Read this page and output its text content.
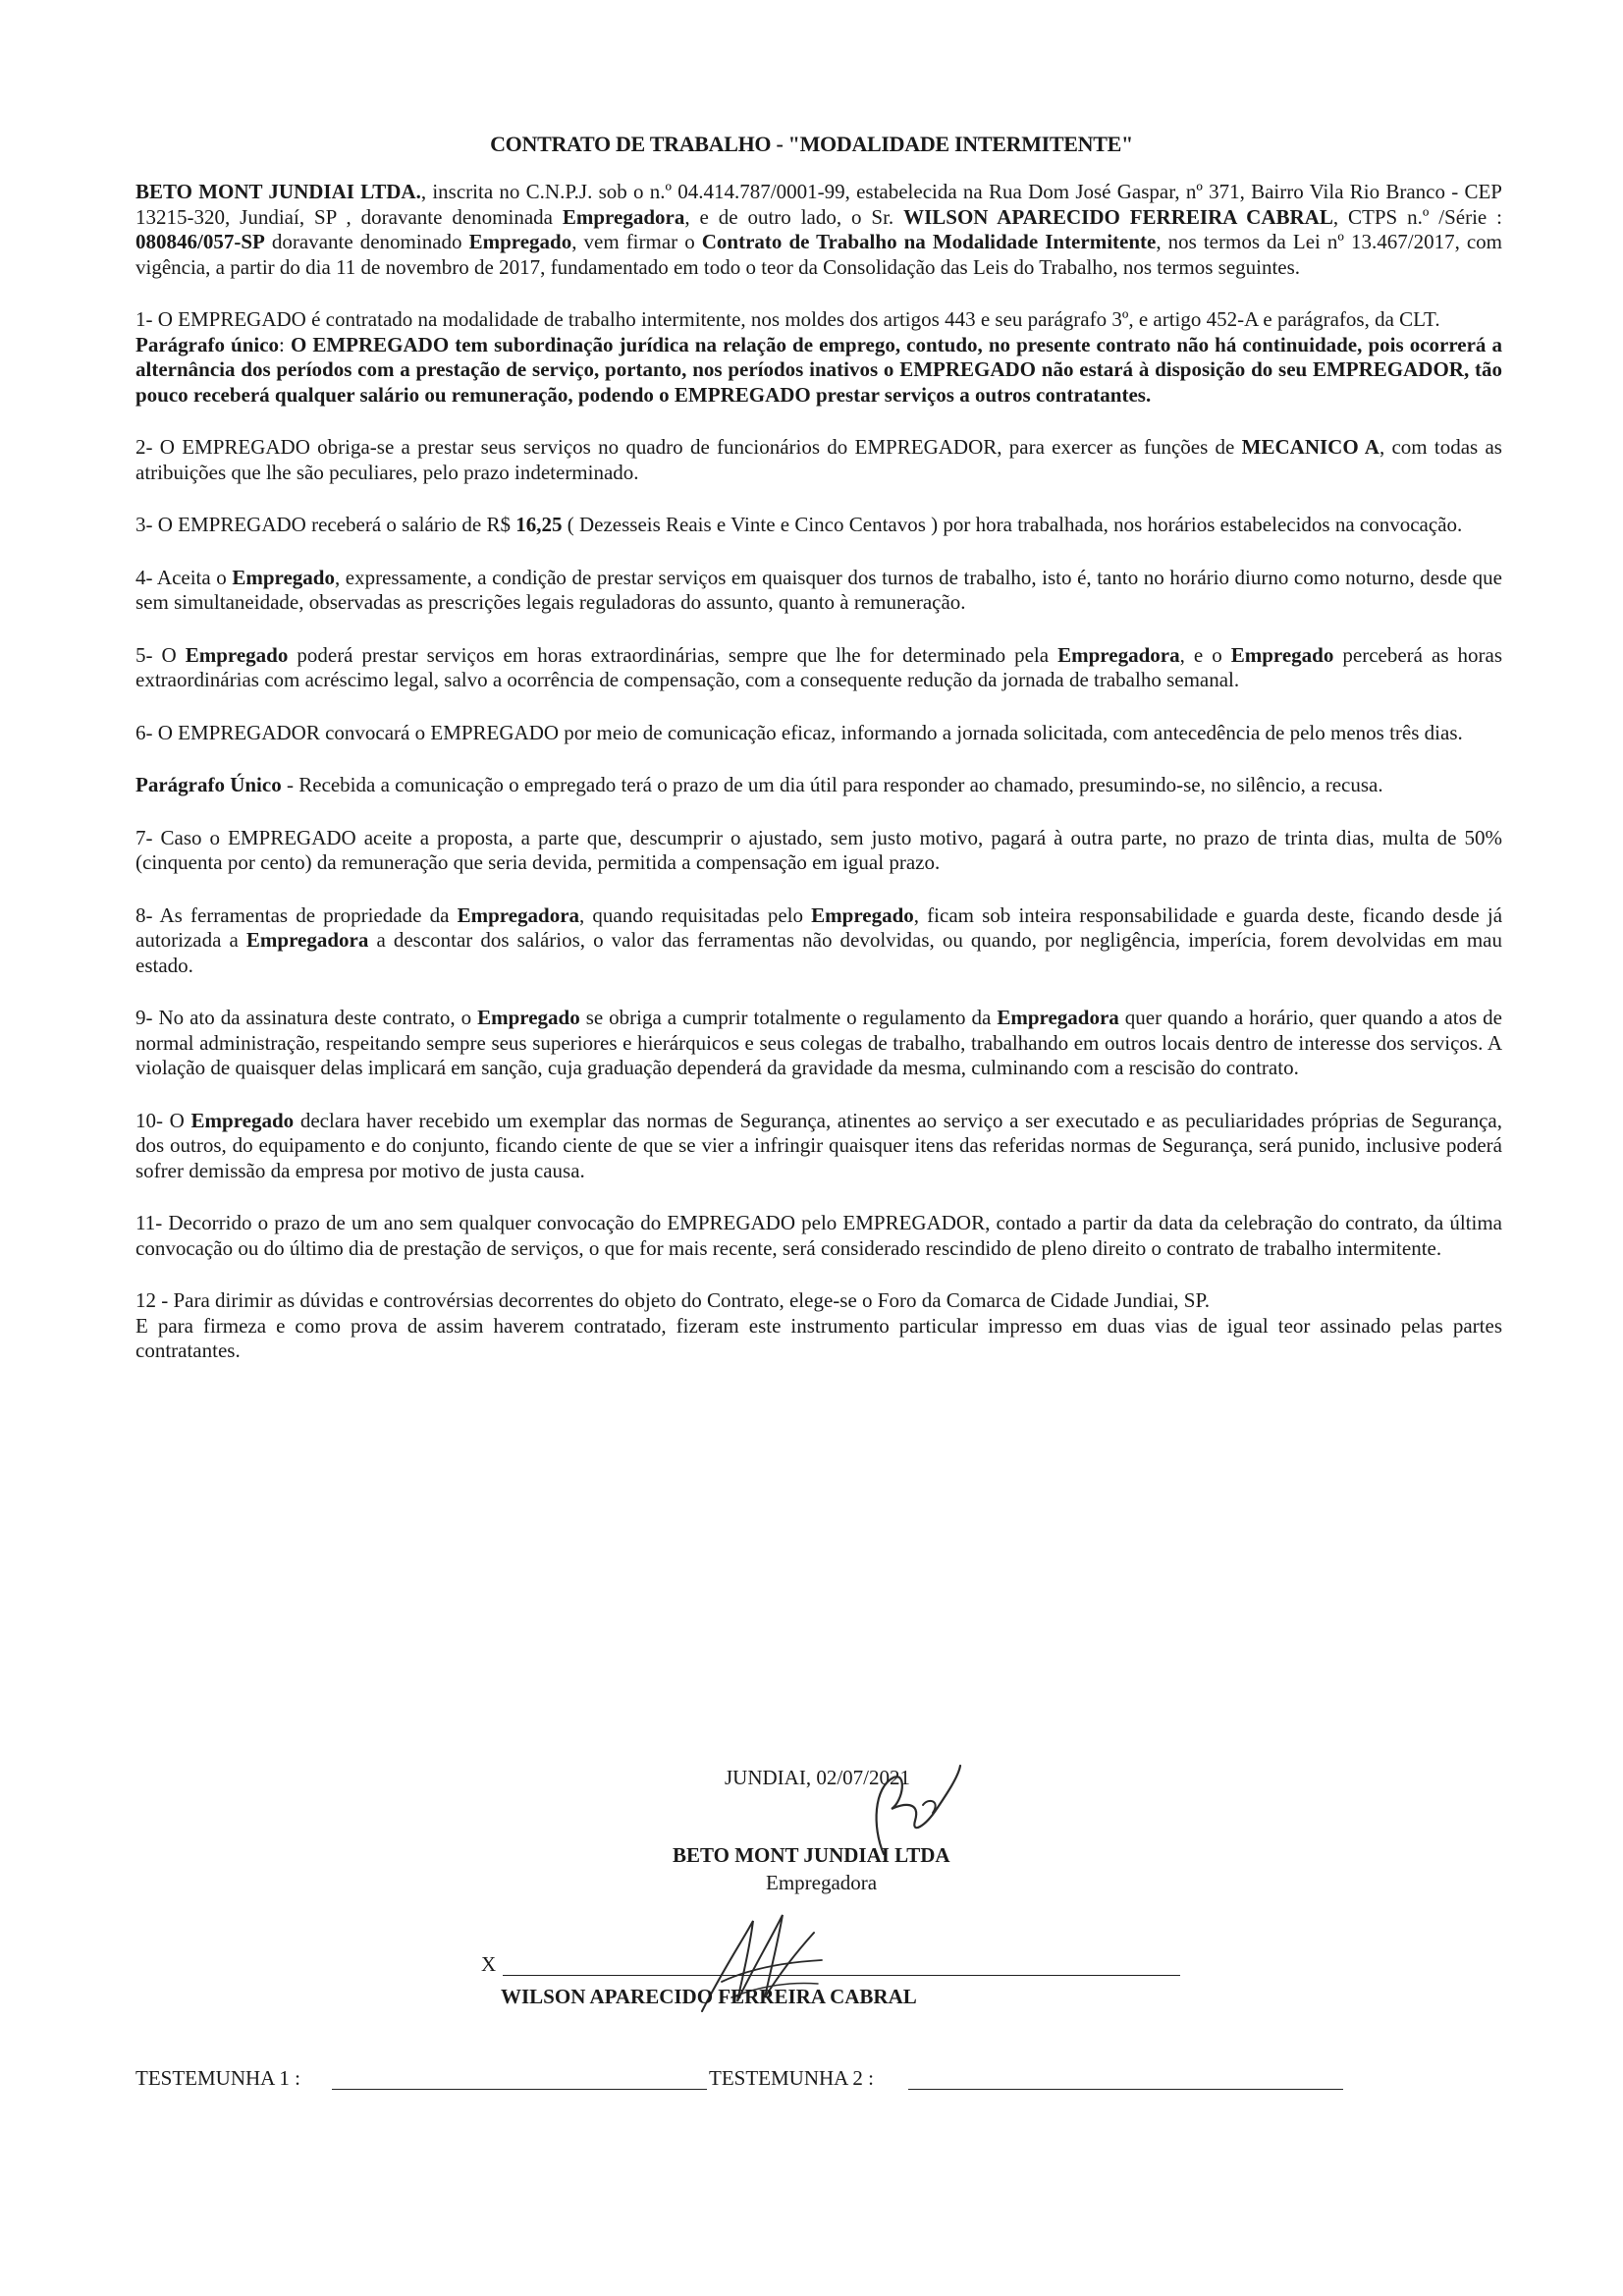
CONTRATO DE TRABALHO - "MODALIDADE INTERMITENTE"

BETO MONT JUNDIAI LTDA., inscrita no C.N.P.J. sob o n.º 04.414.787/0001-99, estabelecida na Rua Dom José Gaspar, nº 371, Bairro Vila Rio Branco - CEP 13215-320, Jundiaí, SP , doravante denominada Empregadora, e de outro lado, o Sr. WILSON APARECIDO FERREIRA CABRAL, CTPS n.º /Série : 080846/057-SP doravante denominado Empregado, vem firmar o Contrato de Trabalho na Modalidade Intermitente, nos termos da Lei nº 13.467/2017, com vigência, a partir do dia 11 de novembro de 2017, fundamentado em todo o teor da Consolidação das Leis do Trabalho, nos termos seguintes.

1- O EMPREGADO é contratado na modalidade de trabalho intermitente, nos moldes dos artigos 443 e seu parágrafo 3º, e artigo 452-A e parágrafos, da CLT.

Parágrafo único: O EMPREGADO tem subordinação jurídica na relação de emprego, contudo, no presente contrato não há continuidade, pois ocorrerá a alternância dos períodos com a prestação de serviço, portanto, nos períodos inativos o EMPREGADO não estará à disposição do seu EMPREGADOR, tão pouco receberá qualquer salário ou remuneração, podendo o EMPREGADO prestar serviços a outros contratantes.

2- O EMPREGADO obriga-se a prestar seus serviços no quadro de funcionários do EMPREGADOR, para exercer as funções de MECANICO A, com todas as atribuições que lhe são peculiares, pelo prazo indeterminado.

3- O EMPREGADO receberá o salário de R$ 16,25 ( Dezesseis Reais e Vinte e Cinco Centavos ) por hora trabalhada, nos horários estabelecidos na convocação.

4- Aceita o Empregado, expressamente, a condição de prestar serviços em quaisquer dos turnos de trabalho, isto é, tanto no horário diurno como noturno, desde que sem simultaneidade, observadas as prescrições legais reguladoras do assunto, quanto à remuneração.

5- O Empregado poderá prestar serviços em horas extraordinárias, sempre que lhe for determinado pela Empregadora, e o Empregado perceberá as horas extraordinárias com acréscimo legal, salvo a ocorrência de compensação, com a consequente redução da jornada de trabalho semanal.

6- O EMPREGADOR convocará o EMPREGADO por meio de comunicação eficaz, informando a jornada solicitada, com antecedência de pelo menos três dias.

Parágrafo Único - Recebida a comunicação o empregado terá o prazo de um dia útil para responder ao chamado, presumindo-se, no silêncio, a recusa.

7- Caso o EMPREGADO aceite a proposta, a parte que, descumprir o ajustado, sem justo motivo, pagará à outra parte, no prazo de trinta dias, multa de 50% (cinquenta por cento) da remuneração que seria devida, permitida a compensação em igual prazo.

8- As ferramentas de propriedade da Empregadora, quando requisitadas pelo Empregado, ficam sob inteira responsabilidade e guarda deste, ficando desde já autorizada a Empregadora a descontar dos salários, o valor das ferramentas não devolvidas, ou quando, por negligência, imperícia, forem devolvidas em mau estado.

9- No ato da assinatura deste contrato, o Empregado se obriga a cumprir totalmente o regulamento da Empregadora quer quando a horário, quer quando a atos de normal administração, respeitando sempre seus superiores e hierárquicos e seus colegas de trabalho, trabalhando em outros locais dentro de interesse dos serviços. A violação de quaisquer delas implicará em sanção, cuja graduação dependerá da gravidade da mesma, culminando com a rescisão do contrato.

10- O Empregado declara haver recebido um exemplar das normas de Segurança, atinentes ao serviço a ser executado e as peculiaridades próprias de Segurança, dos outros, do equipamento e do conjunto, ficando ciente de que se vier a infringir quaisquer itens das referidas normas de Segurança, será punido, inclusive poderá sofrer demissão da empresa por motivo de justa causa.

11- Decorrido o prazo de um ano sem qualquer convocação do EMPREGADO pelo EMPREGADOR, contado a partir da data da celebração do contrato, da última convocação ou do último dia de prestação de serviços, o que for mais recente, será considerado rescindido de pleno direito o contrato de trabalho intermitente.

12 - Para dirimir as dúvidas e controvérsias decorrentes do objeto do Contrato, elege-se o Foro da Comarca de Cidade Jundiai, SP.

E para firmeza e como prova de assim haverem contratado, fizeram este instrumento particular impresso em duas vias de igual teor assinado pelas partes contratantes.

JUNDIAI, 02/07/2021
BETO MONT JUNDIAI LTDA
Empregadora
X
WILSON APARECIDO FERREIRA CABRAL
TESTEMUNHA 1 :	TESTEMUNHA 2 :
